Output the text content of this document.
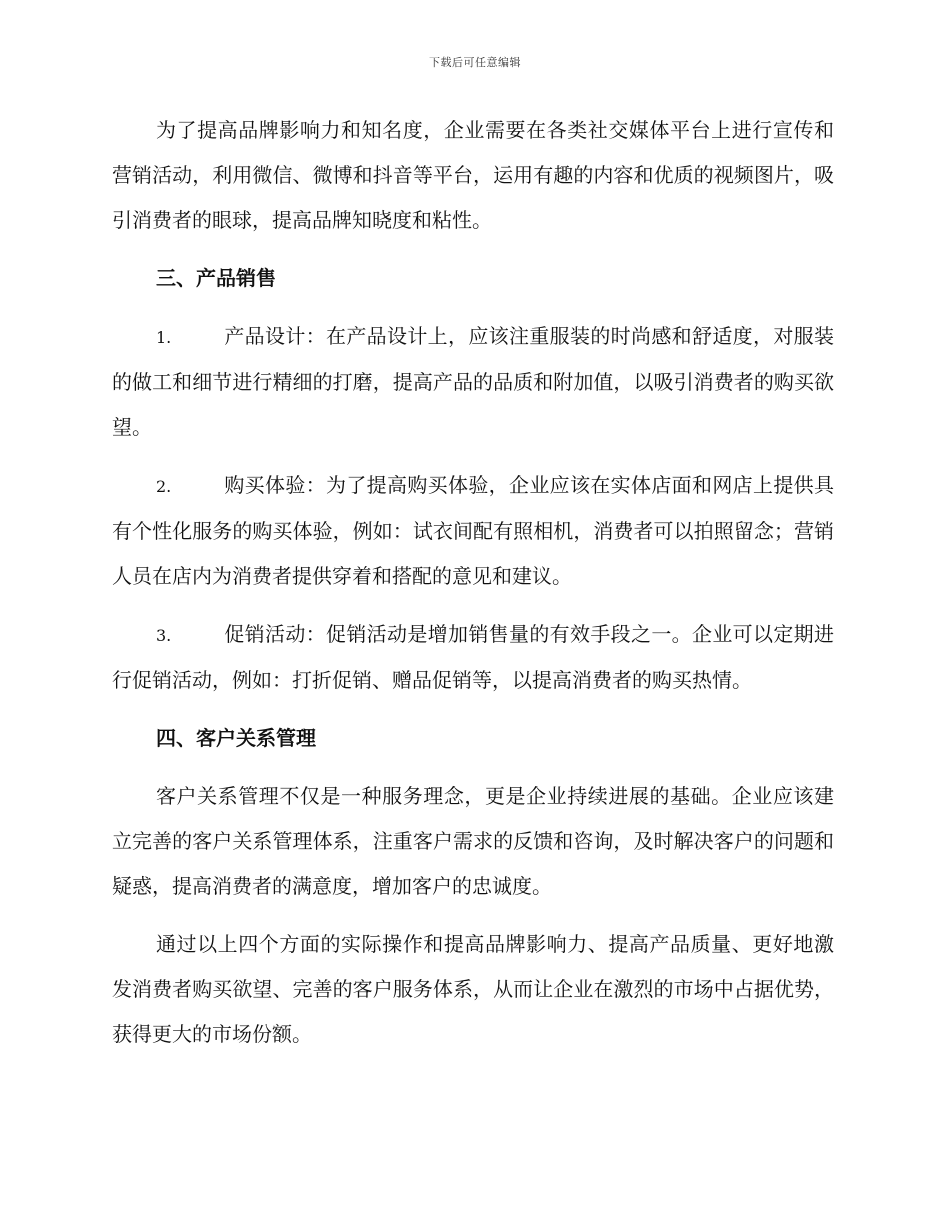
下载后可任意编辑

为了提高品牌影响力和知名度，企业需要在各类社交媒体平台上进行宣传和营销活动，利用微信、微博和抖音等平台，运用有趣的内容和优质的视频图片，吸引消费者的眼球，提高品牌知晓度和粘性。

三、产品销售

1.	产品设计：在产品设计上，应该注重服装的时尚感和舒适度，对服装的做工和细节进行精细的打磨，提高产品的品质和附加值，以吸引消费者的购买欲望。

2.	购买体验：为了提高购买体验，企业应该在实体店面和网店上提供具有个性化服务的购买体验，例如：试衣间配有照相机，消费者可以拍照留念；营销人员在店内为消费者提供穿着和搭配的意见和建议。

3.	促销活动：促销活动是增加销售量的有效手段之一。企业可以定期进行促销活动，例如：打折促销、赠品促销等，以提高消费者的购买热情。

四、客户关系管理

客户关系管理不仅是一种服务理念，更是企业持续进展的基础。企业应该建立完善的客户关系管理体系，注重客户需求的反馈和咨询，及时解决客户的问题和疑惑，提高消费者的满意度，增加客户的忠诚度。

通过以上四个方面的实际操作和提高品牌影响力、提高产品质量、更好地激发消费者购买欲望、完善的客户服务体系，从而让企业在激烈的市场中占据优势，获得更大的市场份额。
